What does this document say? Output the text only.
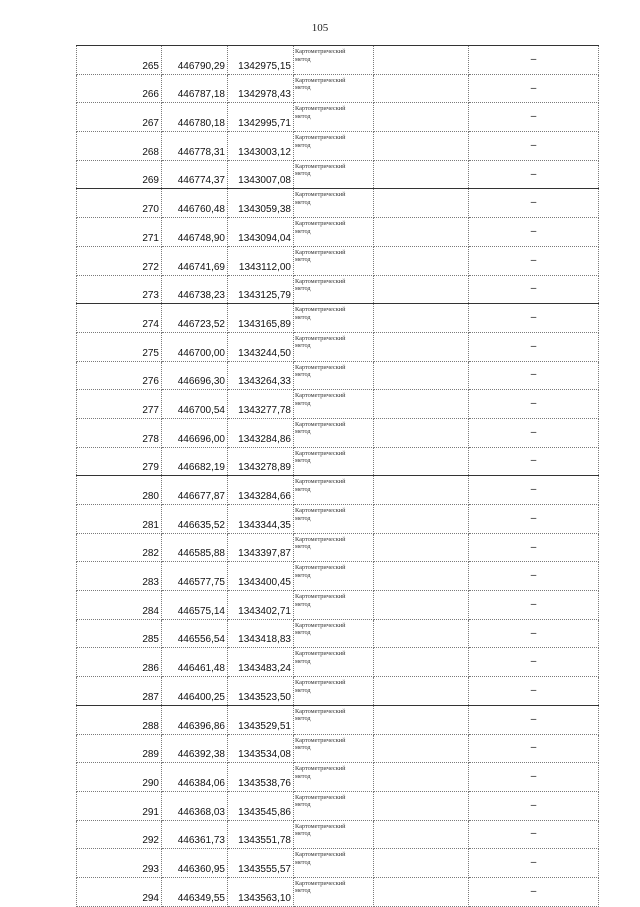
105
265	446790,29	1342975,15	Картометрический
метод		–
266	446787,18	1342978,43	Картометрический
метод		–
267	446780,18	1342995,71	Картометрический
метод		–
268	446778,31	1343003,12	Картометрический
метод		–
269	446774,37	1343007,08	Картометрический
метод		–
270	446760,48	1343059,38	Картометрический
метод		–
271	446748,90	1343094,04	Картометрический
метод		–
272	446741,69	1343112,00	Картометрический
метод		–
273	446738,23	1343125,79	Картометрический
метод		–
274	446723,52	1343165,89	Картометрический
метод		–
275	446700,00	1343244,50	Картометрический
метод		–
276	446696,30	1343264,33	Картометрический
метод		–
277	446700,54	1343277,78	Картометрический
метод		–
278	446696,00	1343284,86	Картометрический
метод		–
279	446682,19	1343278,89	Картометрический
метод		–
280	446677,87	1343284,66	Картометрический
метод		–
281	446635,52	1343344,35	Картометрический
метод		–
282	446585,88	1343397,87	Картометрический
метод		–
283	446577,75	1343400,45	Картометрический
метод		–
284	446575,14	1343402,71	Картометрический
метод		–
285	446556,54	1343418,83	Картометрический
метод		–
286	446461,48	1343483,24	Картометрический
метод		–
287	446400,25	1343523,50	Картометрический
метод		–
288	446396,86	1343529,51	Картометрический
метод		–
289	446392,38	1343534,08	Картометрический
метод		–
290	446384,06	1343538,76	Картометрический
метод		–
291	446368,03	1343545,86	Картометрический
метод		–
292	446361,73	1343551,78	Картометрический
метод		–
293	446360,95	1343555,57	Картометрический
метод		–
294	446349,55	1343563,10	Картометрический
метод		–
